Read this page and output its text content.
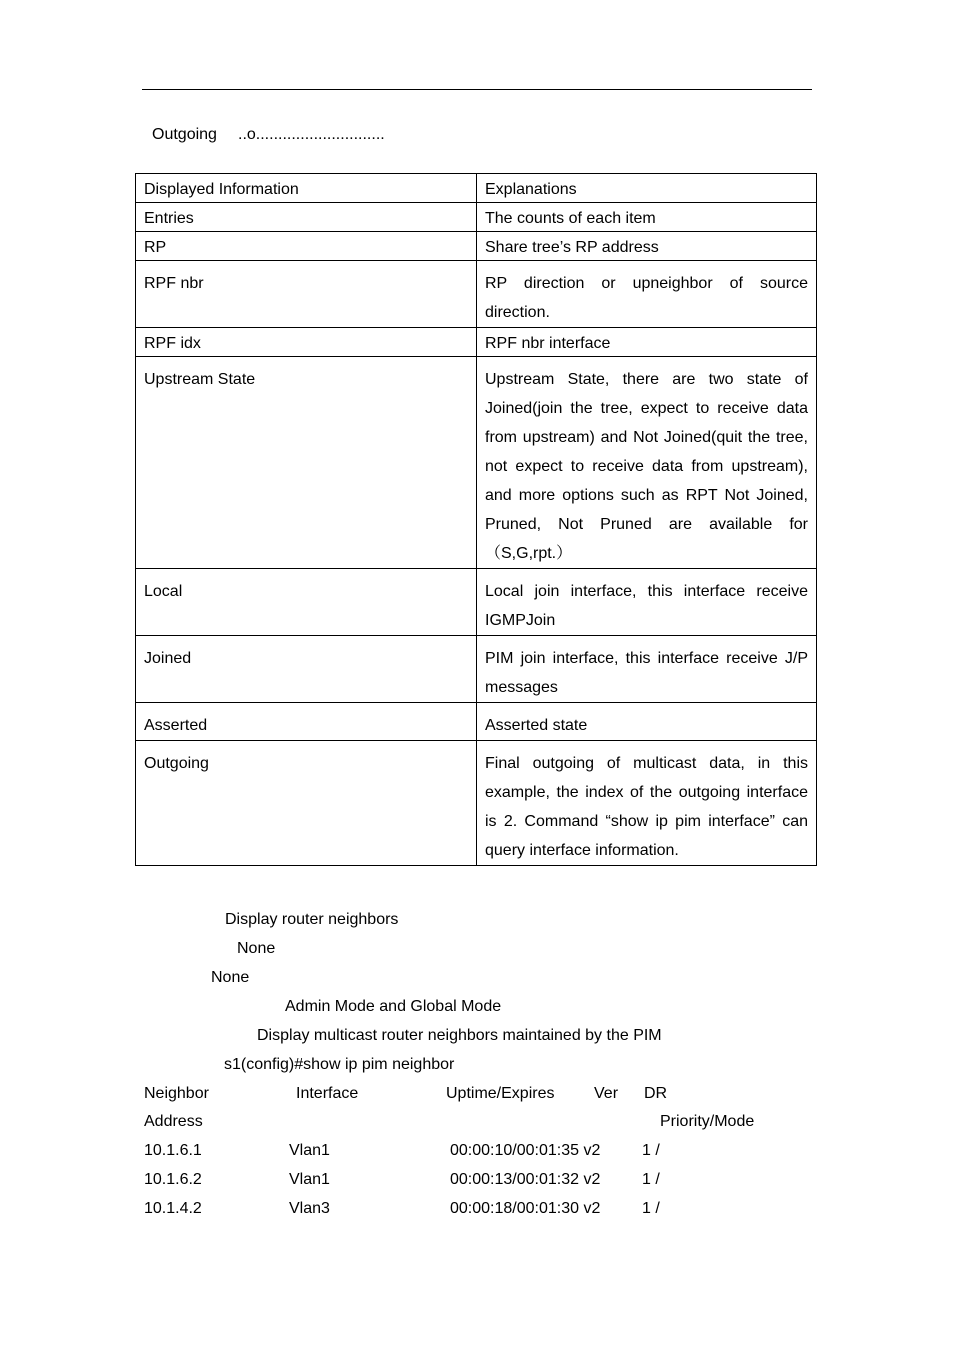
Outgoing ..o.............................
Displayed Information	Explanations
Entries	The counts of each item
RP	Share tree’s RP address
RPF nbr	RP direction or upneighbor of source direction.
RPF idx	RPF nbr interface
Upstream State	Upstream State, there are two state of Joined(join the tree, expect to receive data from upstream) and Not Joined(quit the tree, not expect to receive data from upstream), and more options such as RPT Not Joined, Pruned, Not Pruned are available for（S,G,rpt.）
Local	Local join interface, this interface receive IGMPJoin
Joined	PIM join interface, this interface receive J/P messages
Asserted	Asserted state
Outgoing	Final outgoing of multicast data, in this example, the index of the outgoing interface is 2. Command “show ip pim interface” can query interface information.
Display router neighbors
None
None
Admin Mode and Global Mode
Display multicast router neighbors maintained by the PIM
s1(config)#show ip pim neighbor
Neighbor	Interface	Uptime/Expires Ver DR
Address	Priority/Mode
10.1.6.1	Vlan1	00:00:10/00:01:35 v2	1 /
10.1.6.2	Vlan1	00:00:13/00:01:32 v2	1 /
10.1.4.2	Vlan3	00:00:18/00:01:30 v2	1 /
